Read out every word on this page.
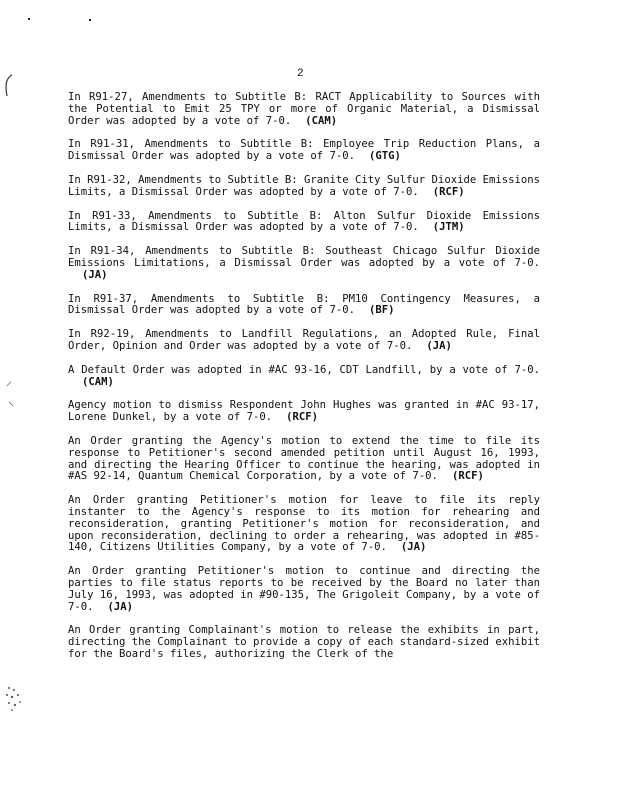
⸝
⸜
2

In R91-27, Amendments to Subtitle B: RACT Applicability to Sources with the Potential to Emit 25 TPY or more of Organic Material, a Dismissal Order was adopted by a vote of 7-0. (CAM)

In R91-31, Amendments to Subtitle B: Employee Trip Reduction Plans, a Dismissal Order was adopted by a vote of 7-0. (GTG)

In R91-32, Amendments to Subtitle B: Granite City Sulfur Dioxide Emissions Limits, a Dismissal Order was adopted by a vote of 7-0. (RCF)

In R91-33, Amendments to Subtitle B: Alton Sulfur Dioxide Emissions Limits, a Dismissal Order was adopted by a vote of 7-0. (JTM)

In R91-34, Amendments to Subtitle B: Southeast Chicago Sulfur Dioxide Emissions Limitations, a Dismissal Order was adopted by a vote of 7-0.(JA)

In R91-37, Amendments to Subtitle B: PM10 Contingency Measures, a Dismissal Order was adopted by a vote of 7-0. (BF)

In R92-19, Amendments to Landfill Regulations, an Adopted Rule, Final Order, Opinion and Order was adopted by a vote of 7-0. (JA)

A Default Order was adopted in #AC 93-16, CDT Landfill, by a vote of 7-0.(CAM)

Agency motion to dismiss Respondent John Hughes was granted in #AC 93-17, Lorene Dunkel, by a vote of 7-0. (RCF)

An Order granting the Agency's motion to extend the time to file its response to Petitioner's second amended petition until August 16, 1993, and directing the Hearing Officer to continue the hearing, was adopted in #AS 92-14, Quantum Chemical Corporation, by a vote of 7-0. (RCF)

An Order granting Petitioner's motion for leave to file its reply instanter to the Agency's response to its motion for rehearing and reconsideration, granting Petitioner's motion for reconsideration, and upon reconsideration, declining to order a rehearing, was adopted in #85-140, Citizens Utilities Company, by a vote of 7-0. (JA)

An Order granting Petitioner's motion to continue and directing the parties to file status reports to be received by the Board no later than July 16, 1993, was adopted in #90-135, The Grigoleit Company, by a vote of 7-0. (JA)

An Order granting Complainant's motion to release the exhibits in part, directing the Complainant to provide a copy of each standard-sized exhibit for the Board's files, authorizing the Clerk of the
